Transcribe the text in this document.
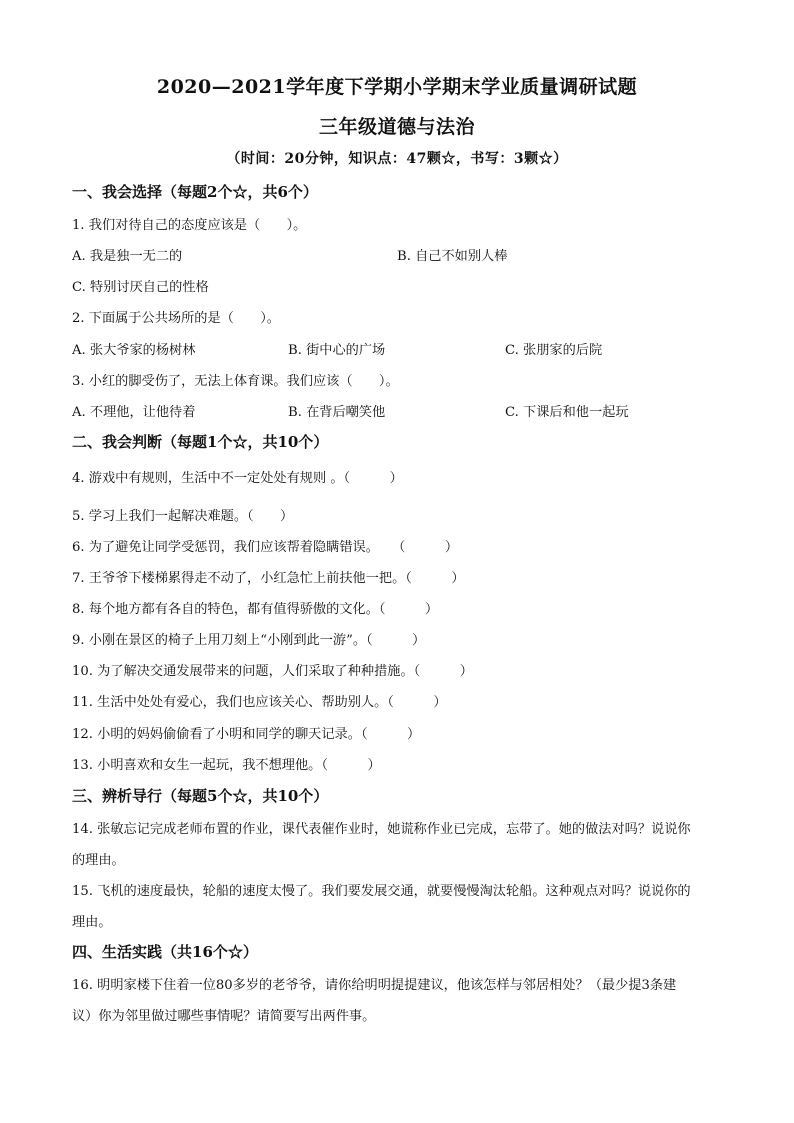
2020—2021学年度下学期小学期末学业质量调研试题
三年级道德与法治
（时间：20分钟，知识点：47颗☆，书写：3颗☆）
一、我会选择（每题2个☆，共6个）
1. 我们对待自己的态度应该是（　　）。
A. 我是独一无二的	B. 自己不如别人棒
C. 特别讨厌自己的性格
2. 下面属于公共场所的是（　　）。
A. 张大爷家的杨树林	B. 街中心的广场	C. 张朋家的后院
3. 小红的脚受伤了，无法上体育课。我们应该（　　）。
A. 不理他，让他待着	B. 在背后嘲笑他	C. 下课后和他一起玩
二、我会判断（每题1个☆，共10个）
4. 游戏中有规则，生活中不一定处处有规则 。（　　　）
5. 学习上我们一起解决难题。（　　）
6. 为了避免让同学受惩罚，我们应该帮着隐瞒错误。　　（　　　）
7. 王爷爷下楼梯累得走不动了，小红急忙上前扶他一把。（　　　）
8. 每个地方都有各自的特色，都有值得骄傲的文化。（　　　）
9. 小刚在景区的椅子上用刀刻上“小刚到此一游”。（　　　）
10. 为了解决交通发展带来的问题，人们采取了种种措施。（　　　）
11. 生活中处处有爱心，我们也应该关心、帮助别人。（　　　）
12. 小明的妈妈偷偷看了小明和同学的聊天记录。（　　　）
13. 小明喜欢和女生一起玩，我不想理他。（　　　）
三、辨析导行（每题5个☆，共10个）
14. 张敏忘记完成老师布置的作业，课代表催作业时，她谎称作业已完成，忘带了。她的做法对吗？说说你
的理由。
15. 飞机的速度最快，轮船的速度太慢了。我们要发展交通，就要慢慢淘汰轮船。这种观点对吗？说说你的
理由。
四、生活实践（共16个☆）
16. 明明家楼下住着一位80多岁的老爷爷，请你给明明提提建议，他该怎样与邻居相处？（最少提3条建
议）你为邻里做过哪些事情呢？请简要写出两件事。
